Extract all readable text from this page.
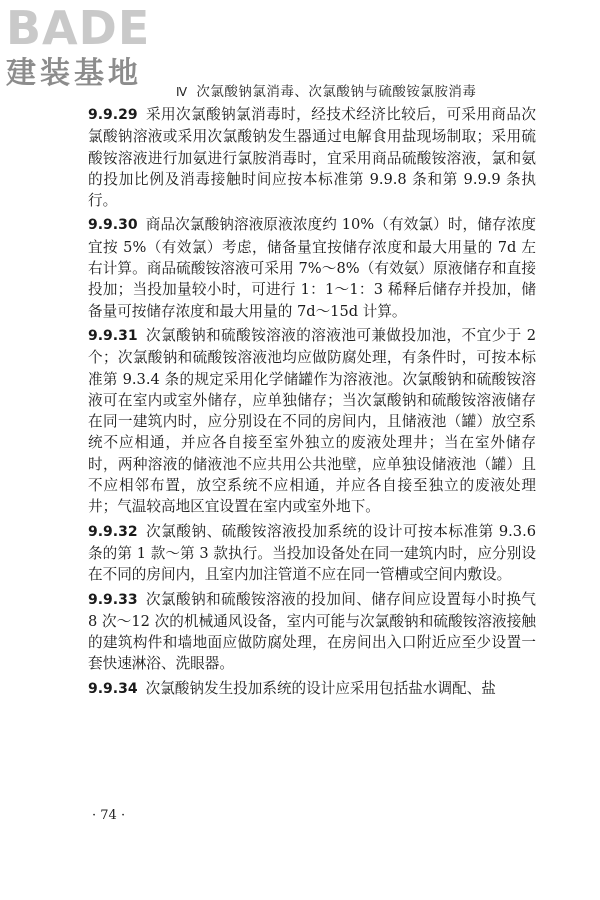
BADE
建装基地
Ⅳ 次氯酸钠氯消毒、次氯酸钠与硫酸铵氯胺消毒

9.9.29 采用次氯酸钠氯消毒时，经技术经济比较后，可采用商品次氯酸钠溶液或采用次氯酸钠发生器通过电解食用盐现场制取；采用硫酸铵溶液进行加氨进行氯胺消毒时，宜采用商品硫酸铵溶液，氯和氨的投加比例及消毒接触时间应按本标准第 9.9.8 条和第 9.9.9 条执行。

9.9.30 商品次氯酸钠溶液原液浓度约 10%（有效氯）时，储存浓度宜按 5%（有效氯）考虑，储备量宜按储存浓度和最大用量的 7d 左右计算。商品硫酸铵溶液可采用 7%～8%（有效氨）原液储存和直接投加；当投加量较小时，可进行 1：1～1：3 稀释后储存并投加，储备量可按储存浓度和最大用量的 7d～15d 计算。

9.9.31 次氯酸钠和硫酸铵溶液的溶液池可兼做投加池，不宜少于 2 个；次氯酸钠和硫酸铵溶液池均应做防腐处理，有条件时，可按本标准第 9.3.4 条的规定采用化学储罐作为溶液池。次氯酸钠和硫酸铵溶液可在室内或室外储存，应单独储存；当次氯酸钠和硫酸铵溶液储存在同一建筑内时，应分别设在不同的房间内，且储液池（罐）放空系统不应相通，并应各自接至室外独立的废液处理井；当在室外储存时，两种溶液的储液池不应共用公共池壁，应单独设储液池（罐）且不应相邻布置，放空系统不应相通，并应各自接至独立的废液处理井；气温较高地区宜设置在室内或室外地下。

9.9.32 次氯酸钠、硫酸铵溶液投加系统的设计可按本标准第 9.3.6 条的第 1 款～第 3 款执行。当投加设备处在同一建筑内时，应分别设在不同的房间内，且室内加注管道不应在同一管槽或空间内敷设。

9.9.33 次氯酸钠和硫酸铵溶液的投加间、储存间应设置每小时换气 8 次～12 次的机械通风设备，室内可能与次氯酸钠和硫酸铵溶液接触的建筑构件和墙地面应做防腐处理，在房间出入口附近应至少设置一套快速淋浴、洗眼器。

9.9.34 次氯酸钠发生投加系统的设计应采用包括盐水调配、盐

· 74 ·
